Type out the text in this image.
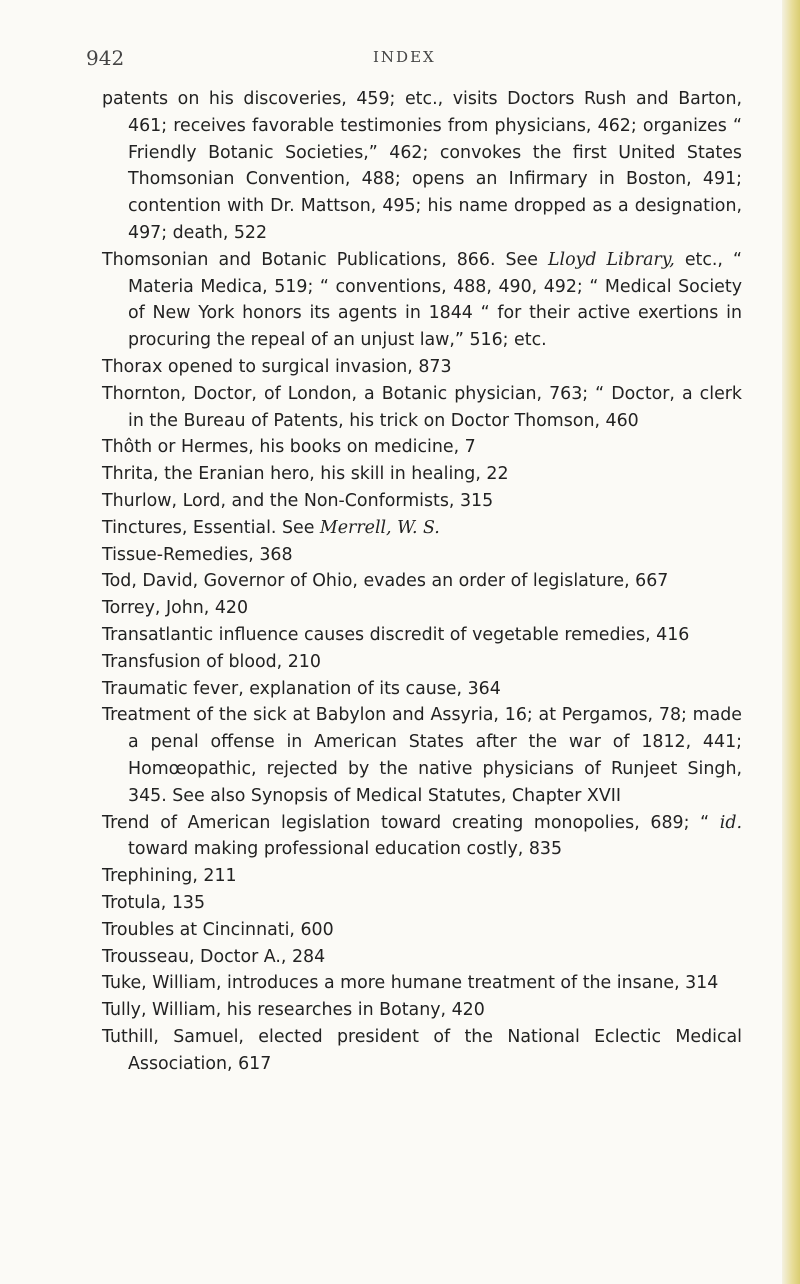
942	INDEX
patents on his discoveries, 459; etc., visits Doctors Rush and Barton, 461; receives favorable testimonies from physicians, 462; organizes “ Friendly Botanic Societies,” 462; convokes the first United States Thomsonian Convention, 488; opens an Infirmary in Boston, 491; contention with Dr. Mattson, 495; his name dropped as a designation, 497; death, 522
Thomsonian and Botanic Publications, 866. See Lloyd Library, etc., “ Materia Medica, 519; “ conventions, 488, 490, 492; “ Medical Society of New York honors its agents in 1844 “ for their active exertions in procuring the repeal of an unjust law,” 516; etc.
Thorax opened to surgical invasion, 873
Thornton, Doctor, of London, a Botanic physician, 763; “ Doctor, a clerk in the Bureau of Patents, his trick on Doctor Thomson, 460
Thôth or Hermes, his books on medicine, 7
Thrita, the Eranian hero, his skill in healing, 22
Thurlow, Lord, and the Non-Conformists, 315
Tinctures, Essential. See Merrell, W. S.
Tissue-Remedies, 368
Tod, David, Governor of Ohio, evades an order of legislature, 667
Torrey, John, 420
Transatlantic influence causes discredit of vegetable remedies, 416
Transfusion of blood, 210
Traumatic fever, explanation of its cause, 364
Treatment of the sick at Babylon and Assyria, 16; at Pergamos, 78; made a penal offense in American States after the war of 1812, 441; Homœopathic, rejected by the native physicians of Runjeet Singh, 345. See also Synopsis of Medical Statutes, Chapter XVII
Trend of American legislation toward creating monopolies, 689; “ id. toward making professional education costly, 835
Trephining, 211
Trotula, 135
Troubles at Cincinnati, 600
Trousseau, Doctor A., 284
Tuke, William, introduces a more humane treatment of the insane, 314
Tully, William, his researches in Botany, 420
Tuthill, Samuel, elected president of the National Eclectic Medical Association, 617
